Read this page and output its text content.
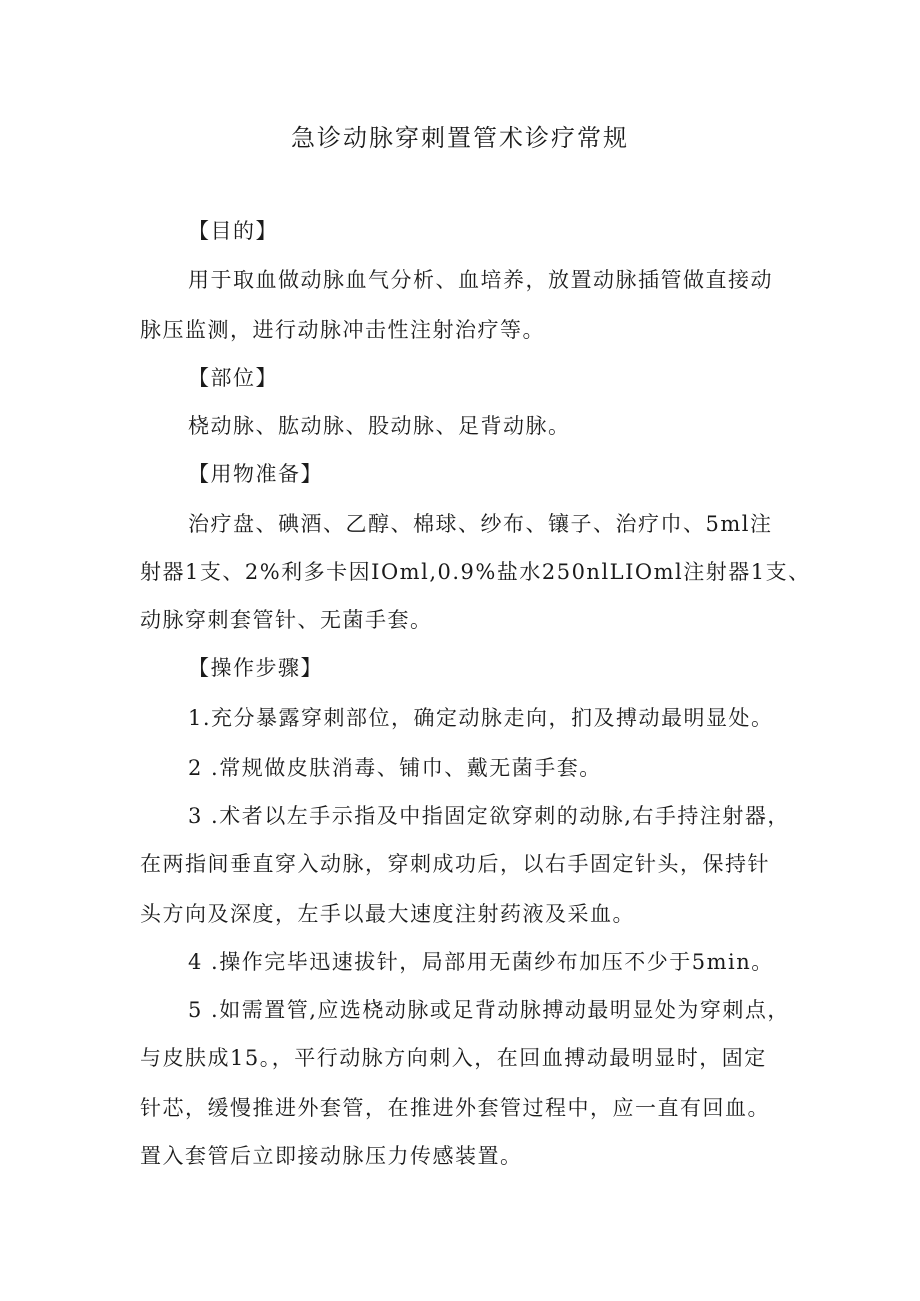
急诊动脉穿刺置管术诊疗常规
【目的】
用于取血做动脉血气分析、血培养，放置动脉插管做直接动
脉压监测，进行动脉冲击性注射治疗等。
【部位】
桡动脉、肱动脉、股动脉、足背动脉。
【用物准备】
治疗盘、碘酒、乙醇、棉球、纱布、镶子、治疗巾、5ml注
射器1支、2%利多卡因IOml,0.9%盐水250nlLIOml注射器1支、
动脉穿刺套管针、无菌手套。
【操作步骤】
1.充分暴露穿刺部位，确定动脉走向，扪及搏动最明显处。
2 .常规做皮肤消毒、铺巾、戴无菌手套。
3 .术者以左手示指及中指固定欲穿刺的动脉,右手持注射器，
在两指间垂直穿入动脉，穿刺成功后，以右手固定针头，保持针
头方向及深度，左手以最大速度注射药液及采血。
4 .操作完毕迅速拔针，局部用无菌纱布加压不少于5min。
5 .如需置管,应选桡动脉或足背动脉搏动最明显处为穿刺点，
与皮肤成15。，平行动脉方向刺入，在回血搏动最明显时，固定
针芯，缓慢推进外套管，在推进外套管过程中，应一直有回血。
置入套管后立即接动脉压力传感装置。
